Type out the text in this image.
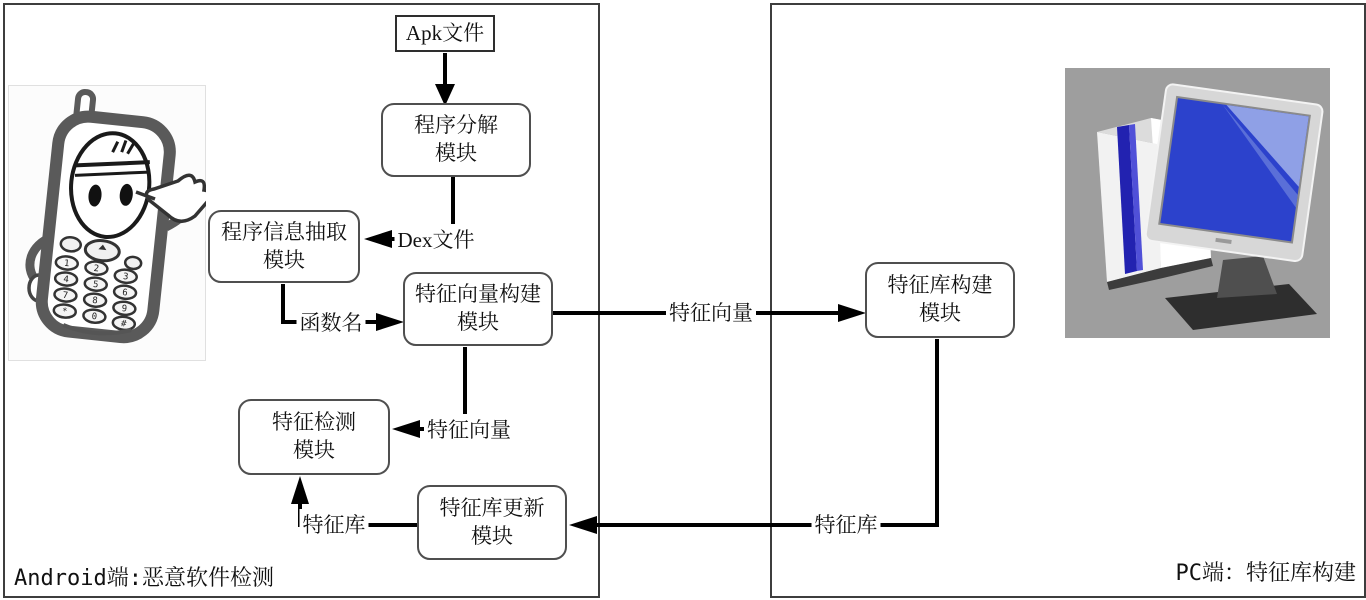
1	2
3
4	5
6
7	8
9
*	0
#
Apk文件
程序分解
模块
程序信息抽取
模块
特征向量构建
模块
特征检测
模块
特征库更新
模块
特征库构建
模块
Dex文件
函数名	特征向量
特征向量
特征库	特征库
Android端:恶意软件检测	PC端：特征库构建
